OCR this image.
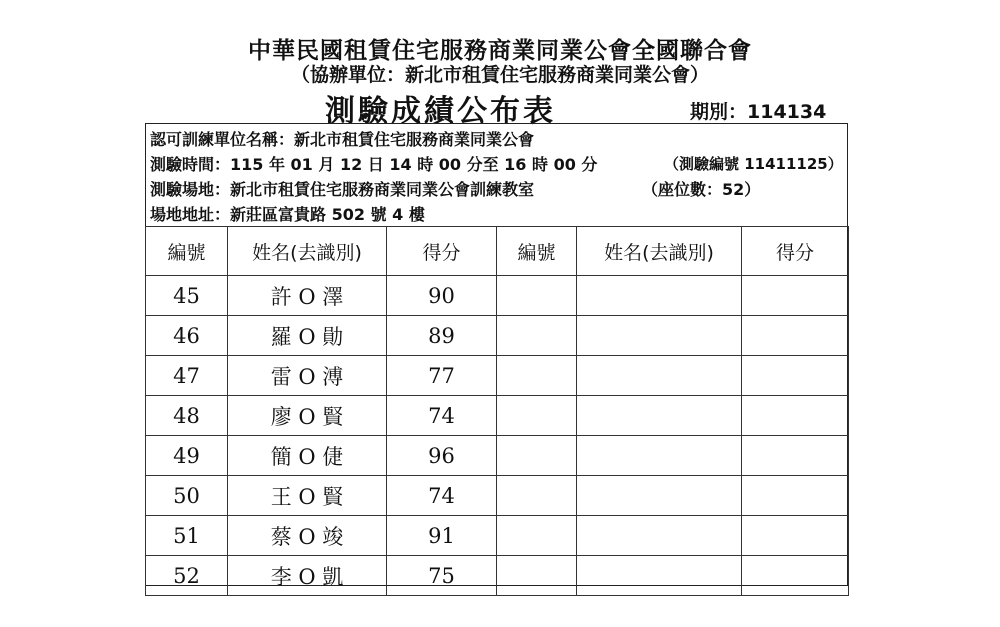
中華民國租賃住宅服務商業同業公會全國聯合會
（協辦單位：新北市租賃住宅服務商業同業公會）
測驗成績公布表	期別：114134
認可訓練單位名稱：新北市租賃住宅服務商業同業公會
測驗時間：115 年 01 月 12 日 14 時 00 分至 16 時 00 分	（測驗編號 11411125）
測驗場地：新北市租賃住宅服務商業同業公會訓練教室	（座位數：52）
場地地址：新莊區富貴路 502 號 4 樓
編號	姓名(去識別)	得分	編號	姓名(去識別)	得分
45	許 O 澤	90			
46	羅 O 勛	89			
47	雷 O 溥	77			
48	廖 O 賢	74			
49	簡 O 倢	96			
50	王 O 賢	74			
51	蔡 O 竣	91			
52	李 O 凱	75			
